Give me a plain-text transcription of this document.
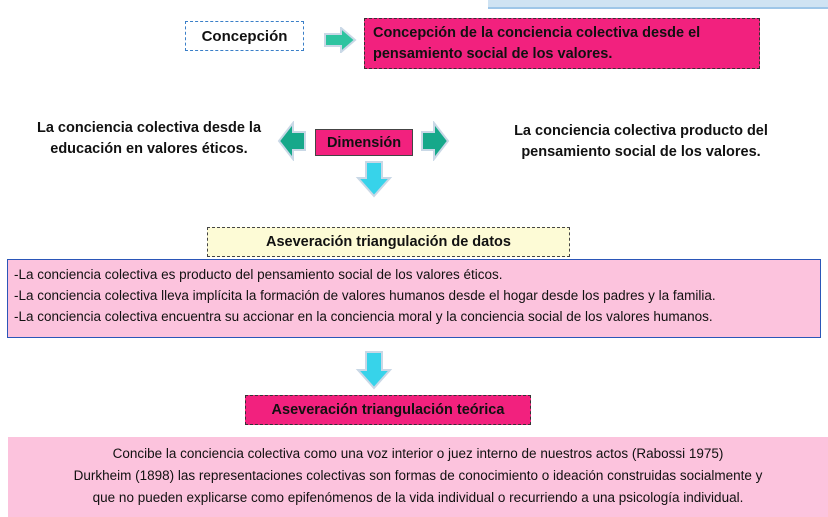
Concepción	Concepción de la conciencia colectiva desde el pensamiento social de los valores.
La conciencia colectiva desde la educación en valores éticos.	Dimensión
La conciencia colectiva producto del pensamiento social de los valores.
Aseveración triangulación de datos
-La conciencia colectiva es producto del pensamiento social de los valores éticos.
-La conciencia colectiva lleva implícita la formación de valores humanos desde el hogar desde los padres y la familia.
-La conciencia colectiva encuentra su accionar en la conciencia moral y la conciencia social de los valores humanos.
Aseveración triangulación teórica
Concibe la conciencia colectiva como una voz interior o juez interno de nuestros actos (Rabossi 1975)
Durkheim (1898) las representaciones colectivas son formas de conocimiento o ideación construidas socialmente y
que no pueden explicarse como epifenómenos de la vida individual o recurriendo a una psicología individual.
